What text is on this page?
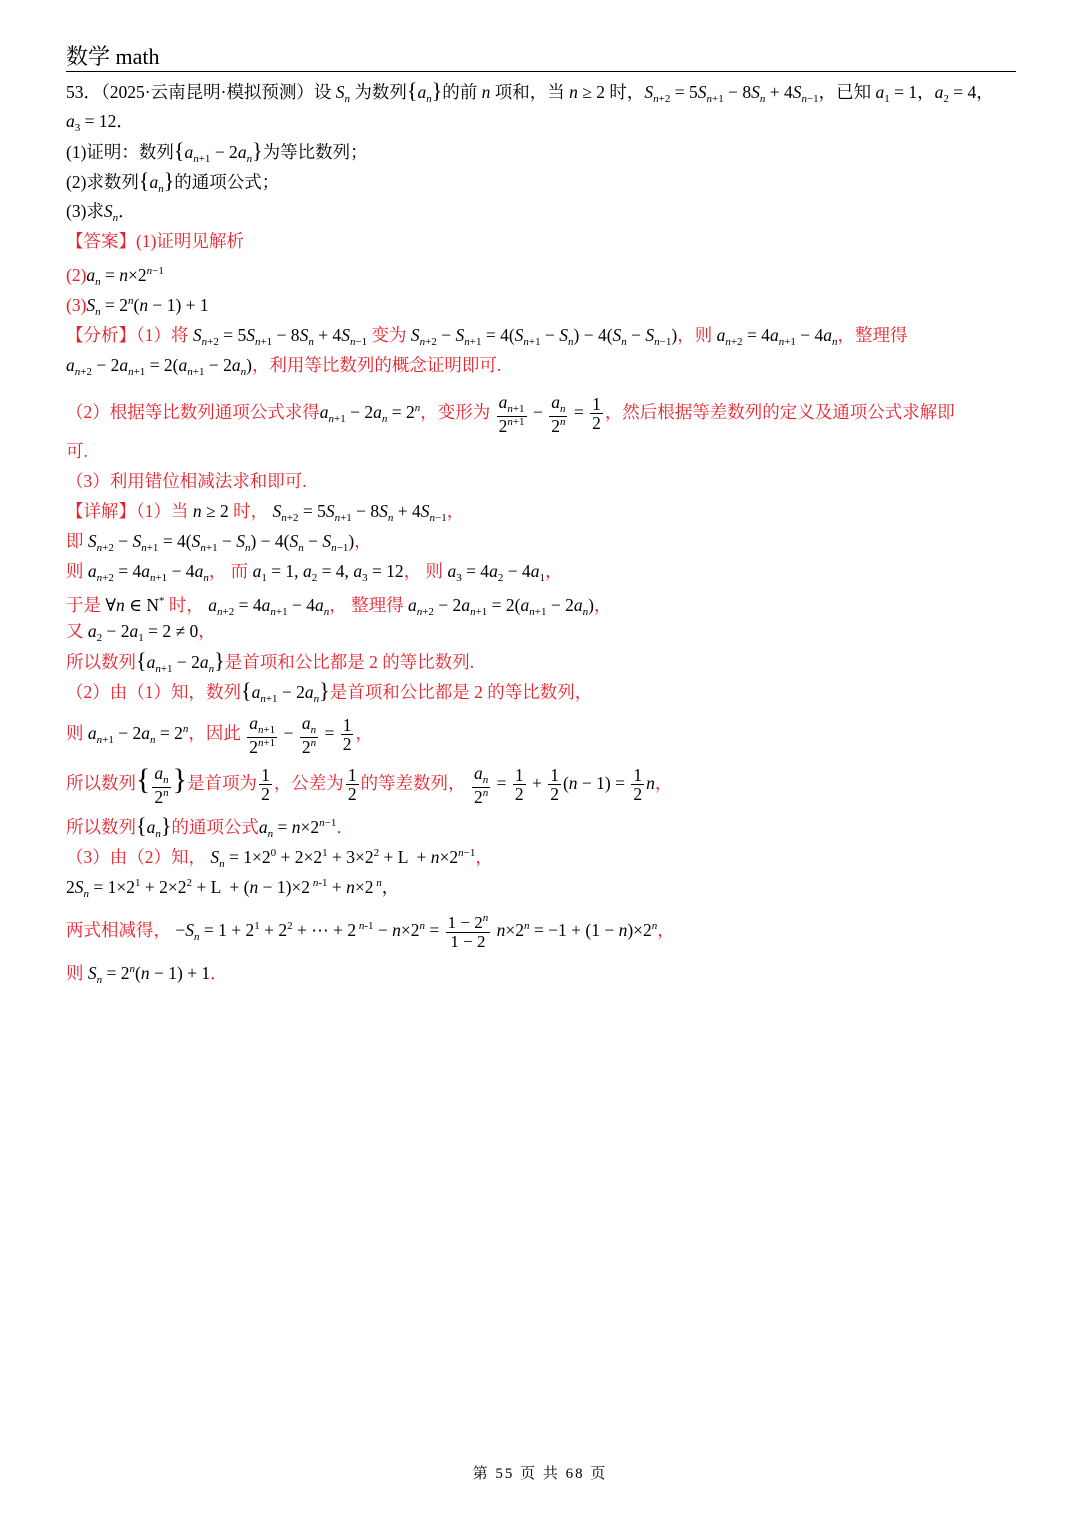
数学 math
53．（2025·云南昆明·模拟预测）设 $S_n$ 为数列$\{a_n\}$的前 n 项和，当 n ≥ 2 时，$S_{n+2} = 5S_{n+1} - 8S_n + 4S_{n-1}$，已知 $a_1 = 1$，$a_2 = 4$，
$a_3 = 12$．
(1)证明：数列$\{a_{n+1} - 2a_n\}$为等比数列；
(2)求数列$\{a_n\}$的通项公式；
(3)求$S_n$．
【答案】(1)证明见解析
$(2)a_n = n\times 2^{n-1}$
$(3)S_n = 2^n(n - 1) + 1$
【分析】（1）将 $S_{n+2} = 5S_{n+1} - 8S_n + 4S_{n-1}$ 变为 $S_{n+2} - S_{n+1} = 4(S_{n+1} - S_n) - 4(S_n - S_{n-1})$，则 $a_{n+2} = 4a_{n+1} - 4a_n$，整理得
$a_{n+2} - 2a_{n+1} = 2(a_{n+1} - 2a_n)$，利用等比数列的概念证明即可.
（2）根据等比数列通项公式求得$a_{n+1} - 2a_n = 2^n$，变形为 $\frac{a_{n+1}}{2^{n+1}} - \frac{a_n}{2^n} = \frac{1}{2}$ ，然后根据等差数列的定义及通项公式求解即
可.
（3）利用错位相减法求和即可.
【详解】（1）当 n ≥ 2 时， $S_{n+2} = 5S_{n+1} - 8S_n + 4S_{n-1}$，
即 $S_{n+2} - S_{n+1} = 4(S_{n+1} - S_n) - 4(S_n - S_{n-1})$，
则 $a_{n+2} = 4a_{n+1} - 4a_n$， 而 $a_1 = 1$, $a_2 = 4$, $a_3 = 12$， 则 $a_3 = 4a_2 - 4a_1$，
于是 ∀n ∈ N* 时， $a_{n+2} = 4a_{n+1} - 4a_n$， 整理得 $a_{n+2} - 2a_{n+1} = 2(a_{n+1} - 2a_n)$，
又 $a_2 - 2a_1 = 2 \ne 0$，
所以数列$\{a_{n+1} - 2a_n\}$是首项和公比都是 2 的等比数列.
（2）由（1）知，数列$\{a_{n+1} - 2a_n\}$是首项和公比都是 2 的等比数列，
则 $a_{n+1} - 2a_n = 2^n$，因此 $\frac{a_{n+1}}{2^{n+1}} - \frac{a_n}{2^n} = \frac{1}{2}$ ，
所以数列{ $\frac{a_n}{2^n}$ }是首项为 $\frac{1}{2}$ ，公差为 $\frac{1}{2}$ 的等差数列， $\frac{a_n}{2^n} = \frac{1}{2} + \frac{1}{2} (n - 1) = \frac{1}{2}$ n，
所以数列$\{a_n\}$的通项公式$a_n = n\times 2^{n-1}$．
（3）由（2）知， $S_n = 1\times 2^0 + 2\times 2^1 + 3\times 2^2 + L + n\times 2^{n-1}$，
$2S_n = 1\times 2^1 + 2\times 2^2 + L + (n - 1)\times 2$ $^{n-1}$ + n×2 $^n$，
两式相减得， $-S_n = 1 + 2^1 + 2^2$ + ⋯ + 2 $^{n-1} - n\times 2^n = \frac{1 - 2^n}{1 - 2} n\times 2^n = -1 + (1 - n)\times 2^n$，
则 $S_n = 2^n(n - 1) + 1$．
第 55 页 共 68 页
